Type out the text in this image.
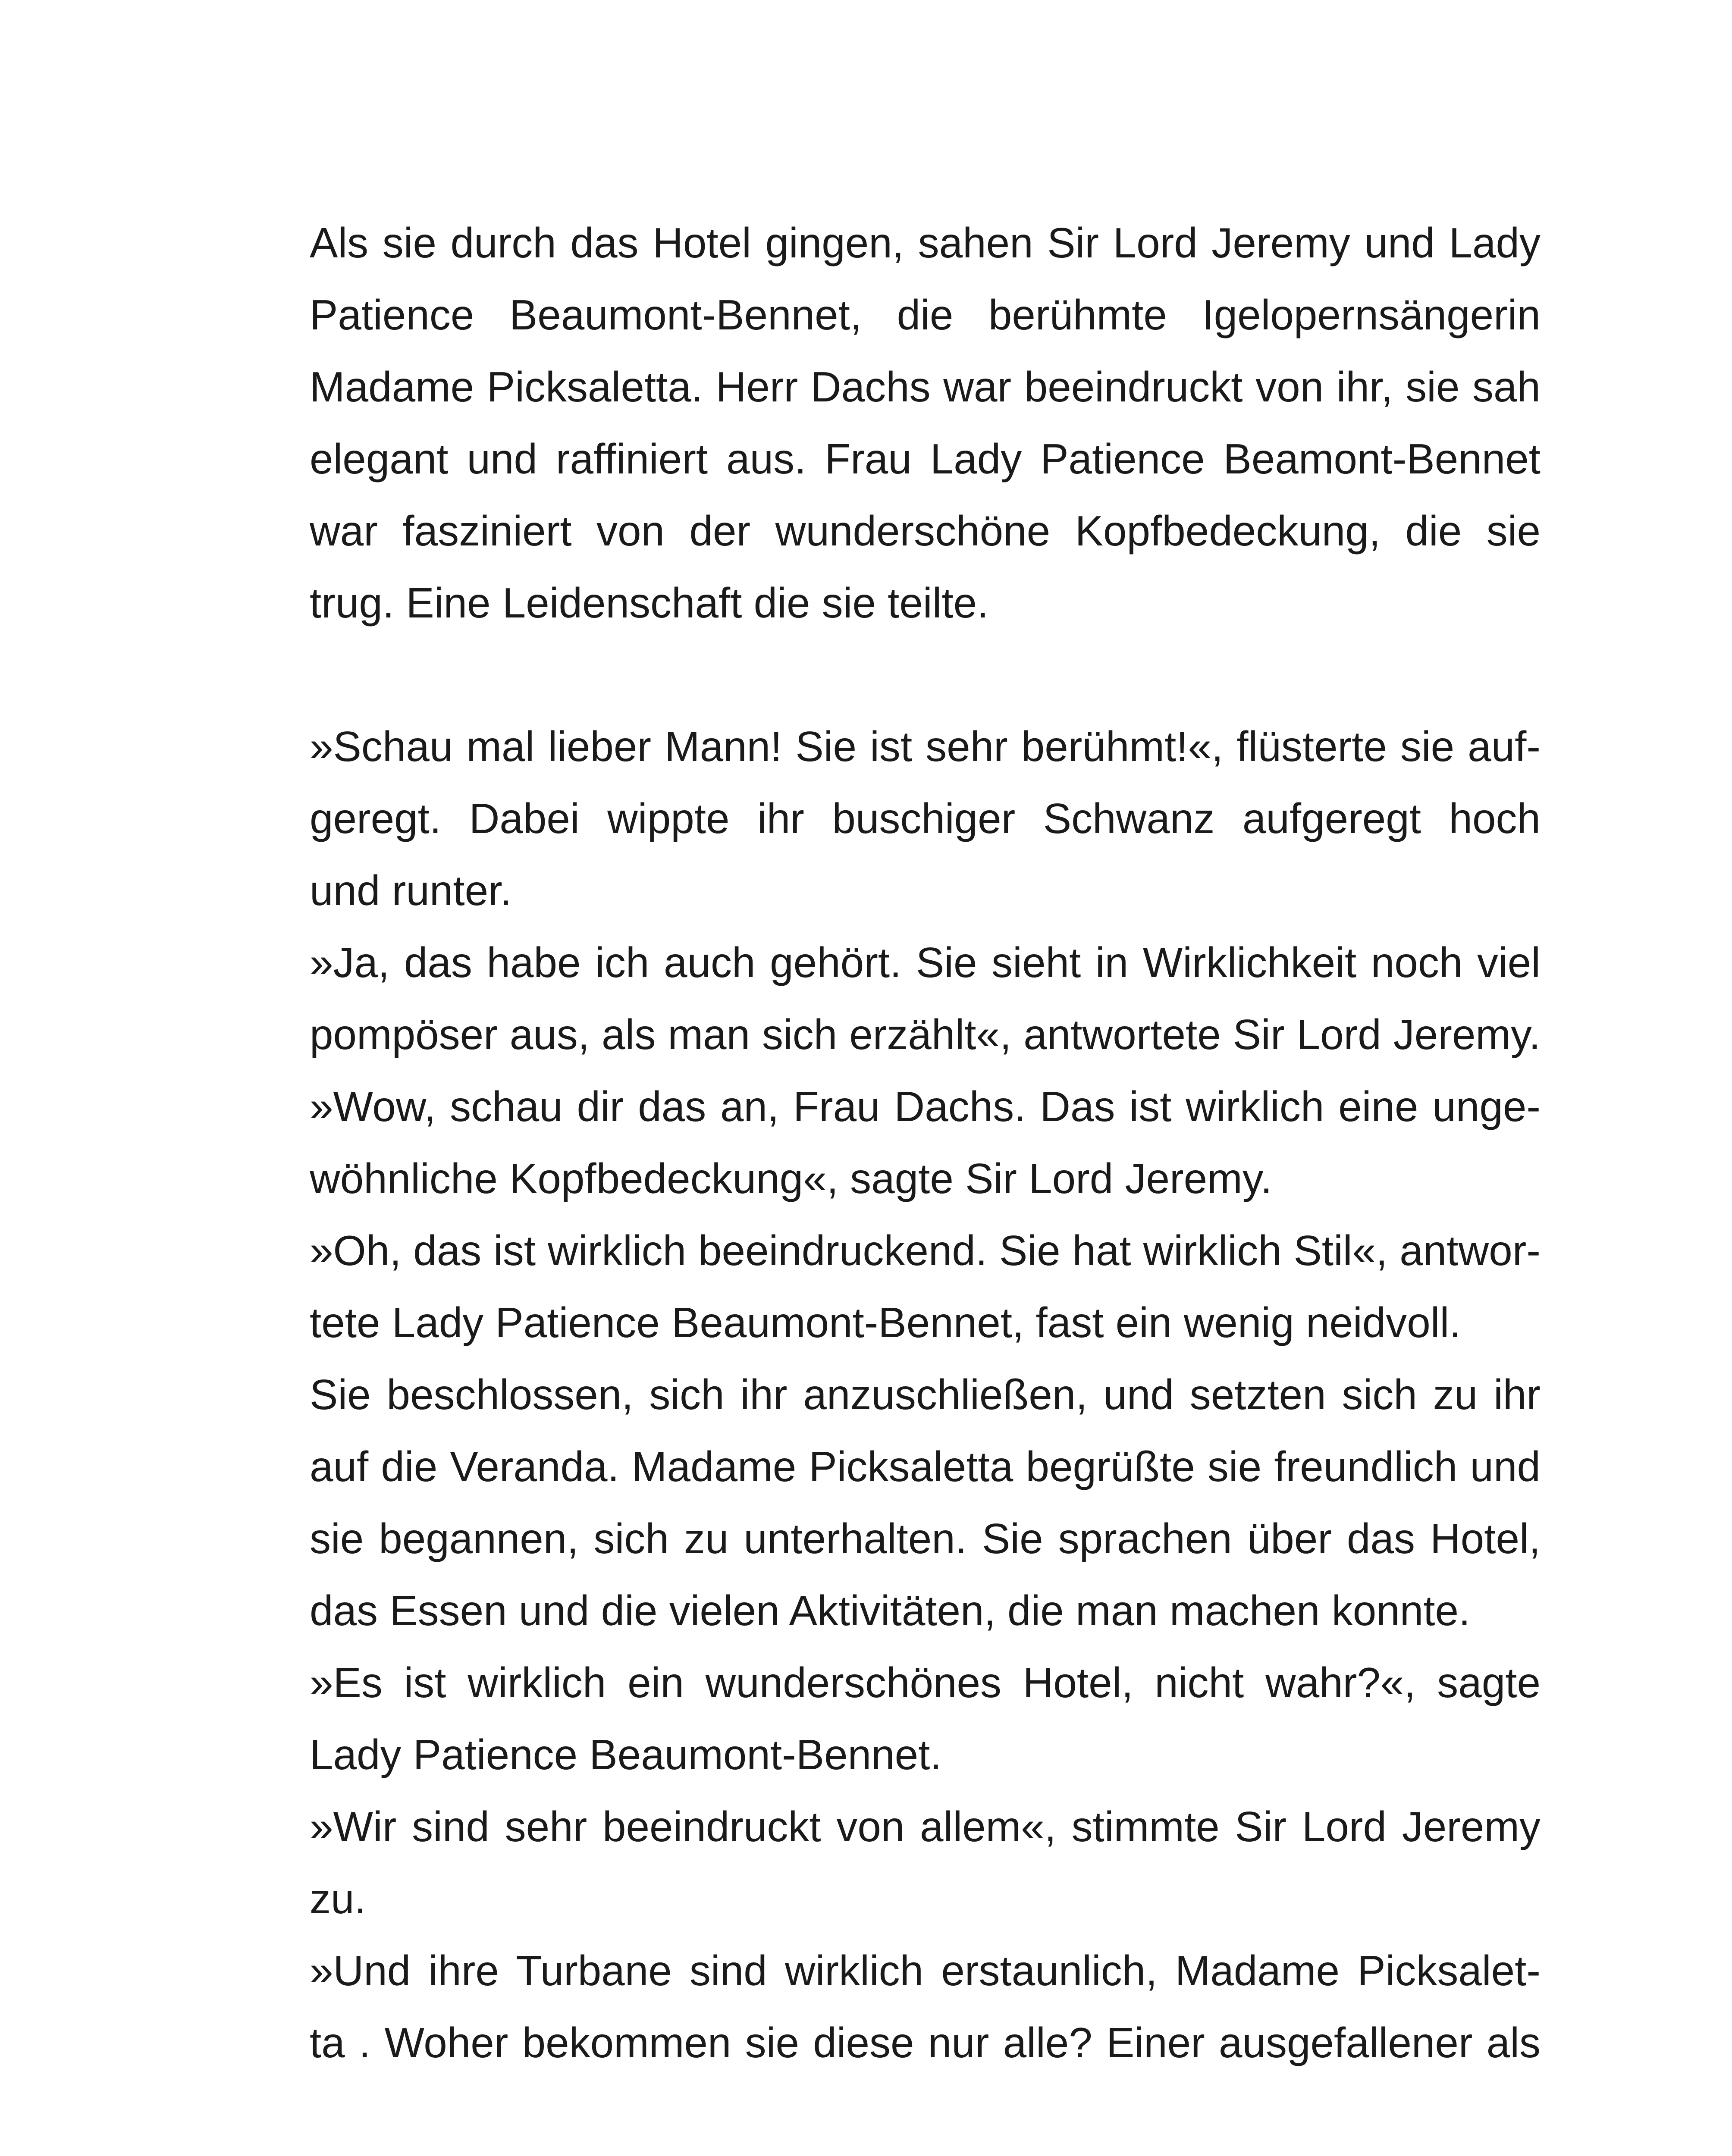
Als sie durch das Hotel gingen, sahen Sir Lord Jeremy und Lady
Patience Beaumont-Bennet, die berühmte Igelopernsängerin
Madame Picksaletta. Herr Dachs war beeindruckt von ihr, sie sah
elegant und raffiniert aus. Frau Lady Patience Beamont-Bennet
war fasziniert von der wunderschöne Kopfbedeckung, die sie
trug. Eine Leidenschaft die sie teilte.
»Schau mal lieber Mann! Sie ist sehr berühmt!«, flüsterte sie auf-
geregt. Dabei wippte ihr buschiger Schwanz aufgeregt hoch
und runter.
»Ja, das habe ich auch gehört. Sie sieht in Wirklichkeit noch viel
pompöser aus, als man sich erzählt«, antwortete Sir Lord Jeremy.
»Wow, schau dir das an, Frau Dachs. Das ist wirklich eine unge-
wöhnliche Kopfbedeckung«, sagte Sir Lord Jeremy.
»Oh, das ist wirklich beeindruckend. Sie hat wirklich Stil«, antwor-
tete Lady Patience Beaumont-Bennet, fast ein wenig neidvoll.
Sie beschlossen, sich ihr anzuschließen, und setzten sich zu ihr
auf die Veranda. Madame Picksaletta begrüßte sie freundlich und
sie begannen, sich zu unterhalten. Sie sprachen über das Hotel,
das Essen und die vielen Aktivitäten, die man machen konnte.
»Es ist wirklich ein wunderschönes Hotel, nicht wahr?«, sagte
Lady Patience Beaumont-Bennet.
»Wir sind sehr beeindruckt von allem«, stimmte Sir Lord Jeremy
zu.
»Und ihre Turbane sind wirklich erstaunlich, Madame Picksalet-
ta . Woher bekommen sie diese nur alle? Einer ausgefallener als
